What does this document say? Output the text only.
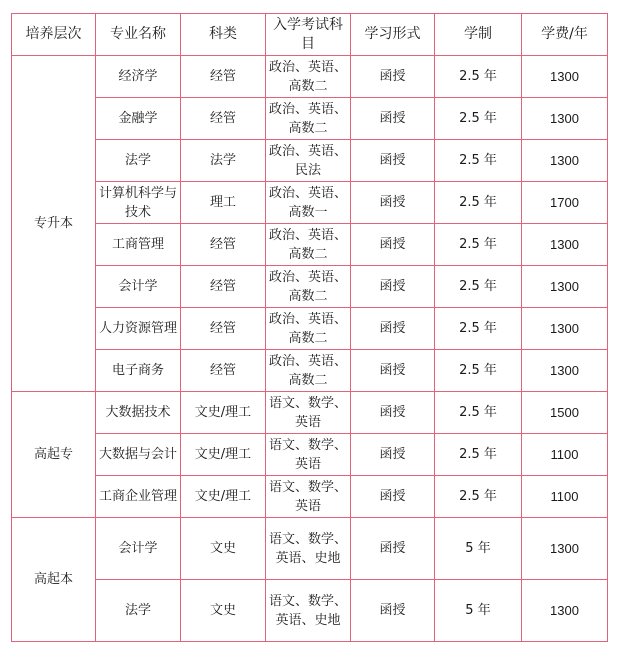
培养层次	专业名称	科类	入学考试科目	学习形式	学制	学费/年
专升本	经济学	经管	政治、英语、高数二	函授	2.5 年	1300
	金融学	经管	政治、英语、高数二	函授	2.5 年	1300
	法学	法学	政治、英语、民法	函授	2.5 年	1300
	计算机科学与技术	理工	政治、英语、高数一	函授	2.5 年	1700
	工商管理	经管	政治、英语、高数二	函授	2.5 年	1300
	会计学	经管	政治、英语、高数二	函授	2.5 年	1300
	人力资源管理	经管	政治、英语、高数二	函授	2.5 年	1300
	电子商务	经管	政治、英语、高数二	函授	2.5 年	1300
高起专	大数据技术	文史/理工	语文、数学、英语	函授	2.5 年	1500
	大数据与会计	文史/理工	语文、数学、英语	函授	2.5 年	1100
	工商企业管理	文史/理工	语文、数学、英语	函授	2.5 年	1100
高起本	会计学	文史	语文、数学、英语、史地	函授	5 年	1300
	法学	文史	语文、数学、英语、史地	函授	5 年	1300
